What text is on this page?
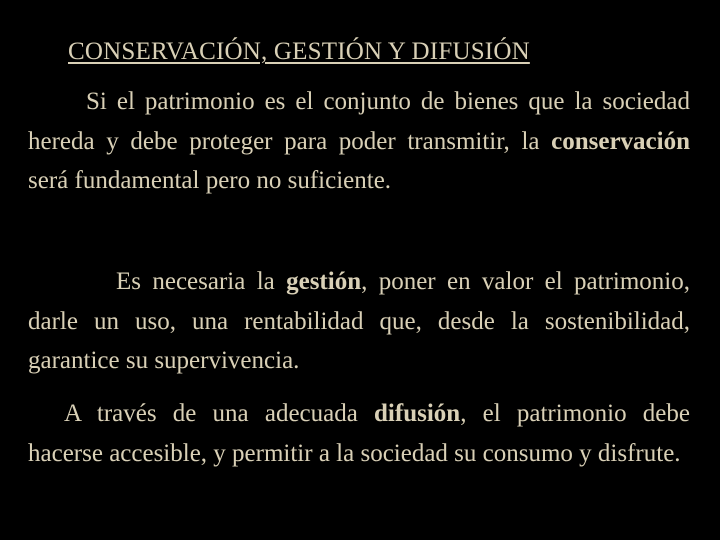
CONSERVACIÓN, GESTIÓN Y DIFUSIÓN

Si el patrimonio es el conjunto de bienes que la sociedad hereda y debe proteger para poder transmitir, la conservación será fundamental pero no suficiente.

Es necesaria la gestión, poner en valor el patrimonio, darle un uso, una rentabilidad que, desde la sostenibilidad, garantice su supervivencia.

A través de una adecuada difusión, el patrimonio debe hacerse accesible, y permitir a la sociedad su consumo y disfrute.
